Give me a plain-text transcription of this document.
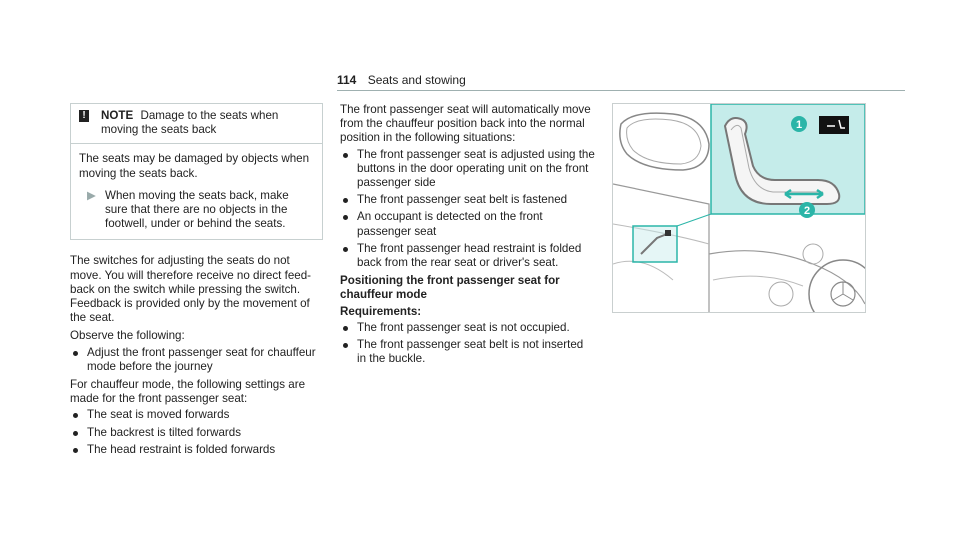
114 Seats and stowing
! NOTE Damage to the seats when moving the seats back

The seats may be damaged by objects when moving the seats back.

▶ When moving the seats back, make sure that there are no objects in the footwell, under or behind the seats.

The switches for adjusting the seats do not move. You will therefore receive no direct feed-back on the switch while pressing the switch. Feedback is provided only by the movement of the seat.

Observe the following:

Adjust the front passenger seat for chauffeur mode before the journey

For chauffeur mode, the following settings are made for the front passenger seat:

The seat is moved forwards
The backrest is tilted forwards
The head restraint is folded forwards

The front passenger seat will automatically move from the chauffeur position back into the normal position in the following situations:

The front passenger seat is adjusted using the buttons in the door operating unit on the front passenger side
The front passenger seat belt is fastened
An occupant is detected on the front passenger seat
The front passenger head restraint is folded back from the rear seat or driver's seat.

Positioning the front passenger seat for chauffeur mode

Requirements:

The front passenger seat is not occupied.
The front passenger seat belt is not inserted in the buckle.
1
2
